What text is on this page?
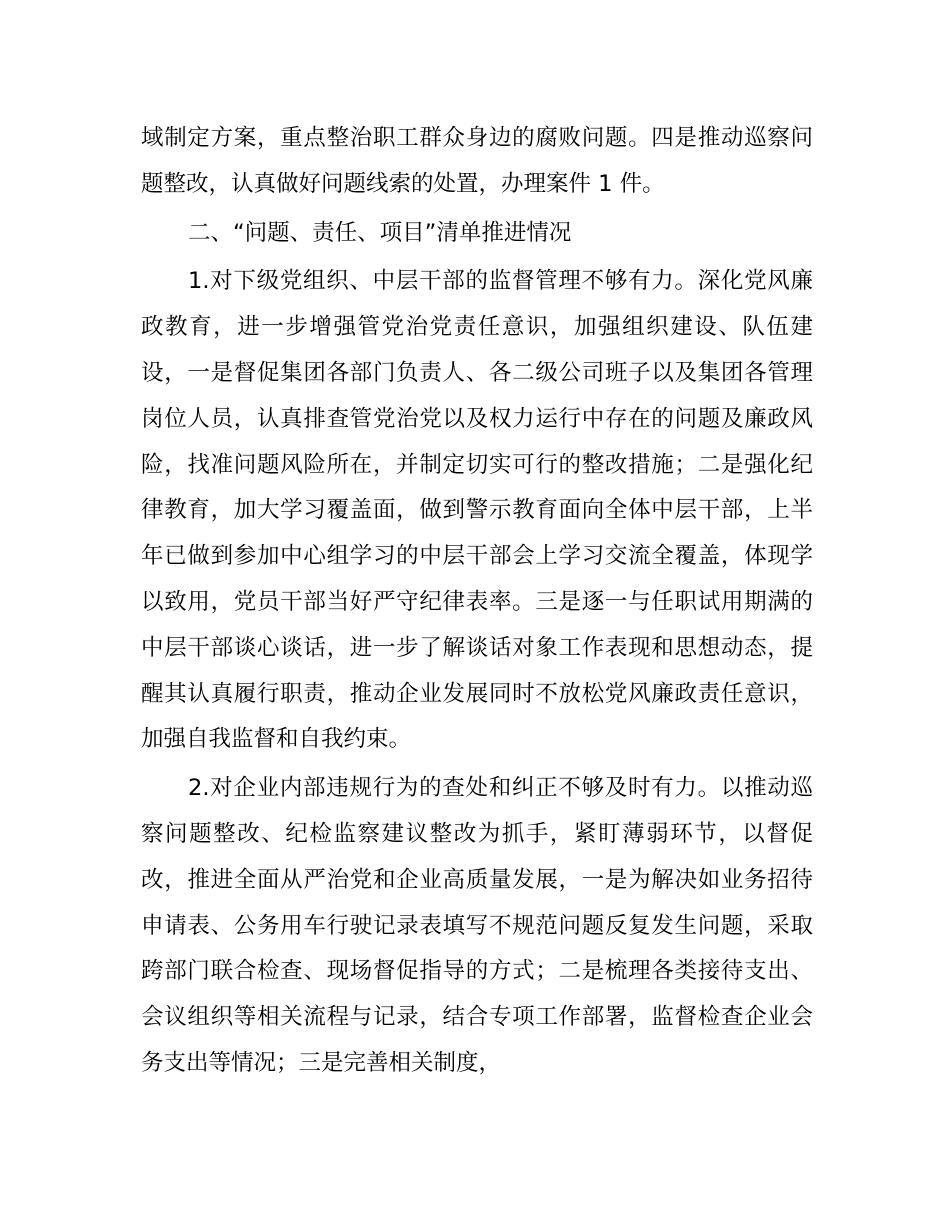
域制定方案，重点整治职工群众身边的腐败问题。四是推动巡察问题整改，认真做好问题线索的处置，办理案件 1 件。

二、“问题、责任、项目”清单推进情况

1.对下级党组织、中层干部的监督管理不够有力。深化党风廉政教育，进一步增强管党治党责任意识，加强组织建设、队伍建设，一是督促集团各部门负责人、各二级公司班子以及集团各管理岗位人员，认真排查管党治党以及权力运行中存在的问题及廉政风险，找准问题风险所在，并制定切实可行的整改措施；二是强化纪律教育，加大学习覆盖面，做到警示教育面向全体中层干部，上半年已做到参加中心组学习的中层干部会上学习交流全覆盖，体现学以致用，党员干部当好严守纪律表率。三是逐一与任职试用期满的中层干部谈心谈话，进一步了解谈话对象工作表现和思想动态，提醒其认真履行职责，推动企业发展同时不放松党风廉政责任意识，加强自我监督和自我约束。

2.对企业内部违规行为的查处和纠正不够及时有力。以推动巡察问题整改、纪检监察建议整改为抓手，紧盯薄弱环节，以督促改，推进全面从严治党和企业高质量发展，一是为解决如业务招待申请表、公务用车行驶记录表填写不规范问题反复发生问题，采取跨部门联合检查、现场督促指导的方式；二是梳理各类接待支出、会议组织等相关流程与记录，结合专项工作部署，监督检查企业会务支出等情况；三是完善相关制度，
